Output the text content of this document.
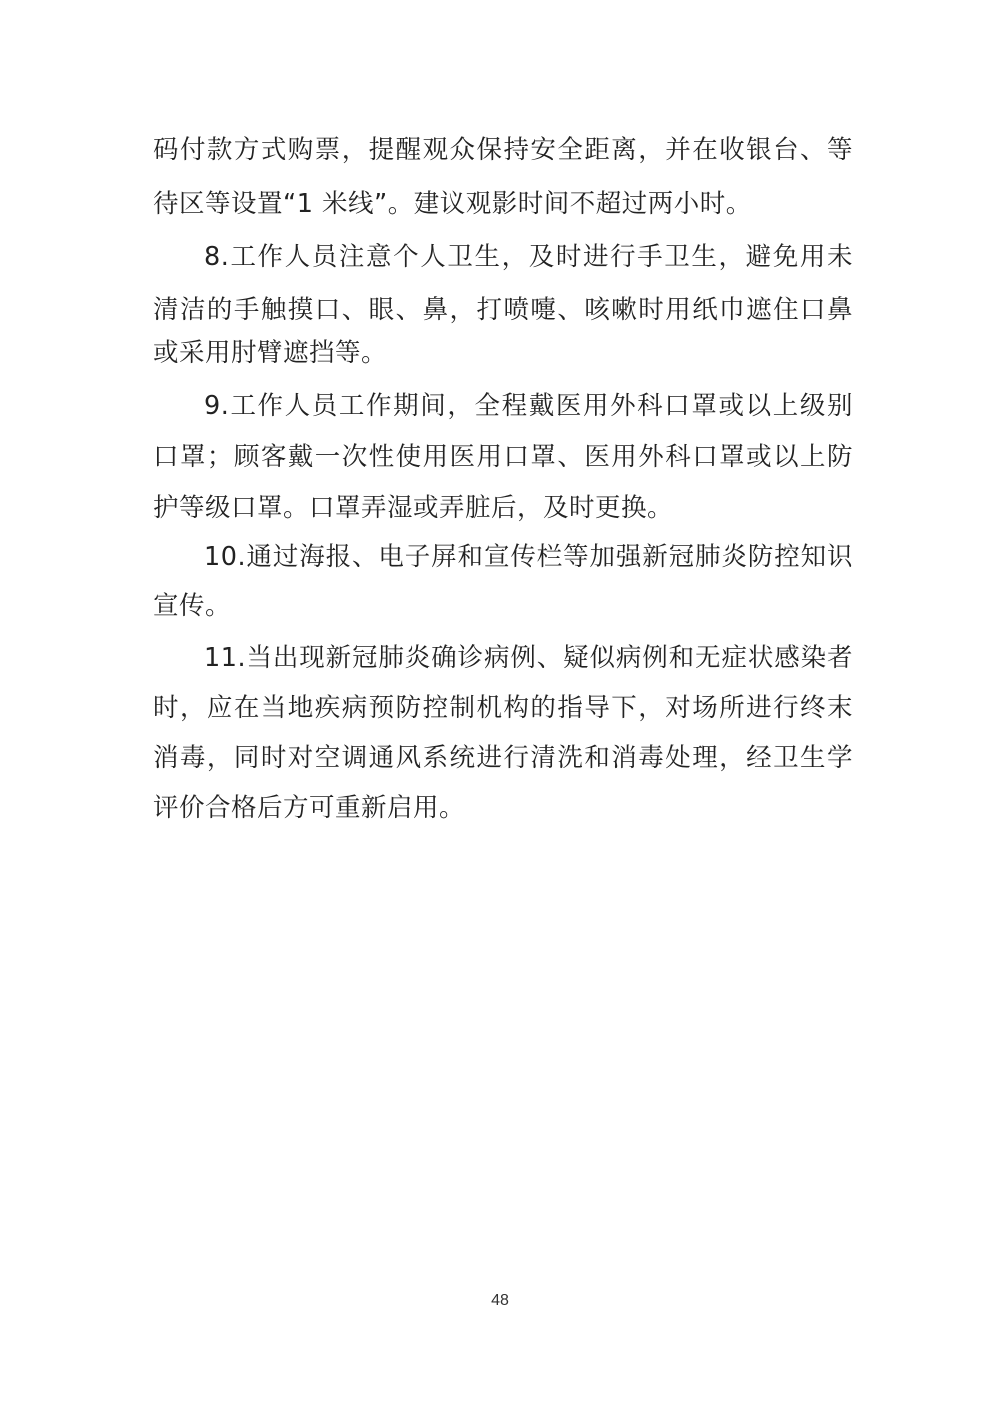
码付款方式购票，提醒观众保持安全距离，并在收银台、等
待区等设置“1 米线”。建议观影时间不超过两小时。
8.工作人员注意个人卫生，及时进行手卫生，避免用未
清洁的手触摸口、眼、鼻，打喷嚏、咳嗽时用纸巾遮住口鼻
或采用肘臂遮挡等。
9.工作人员工作期间，全程戴医用外科口罩或以上级别
口罩；顾客戴一次性使用医用口罩、医用外科口罩或以上防
护等级口罩。口罩弄湿或弄脏后，及时更换。
10.通过海报、电子屏和宣传栏等加强新冠肺炎防控知识
宣传。
11.当出现新冠肺炎确诊病例、疑似病例和无症状感染者
时，应在当地疾病预防控制机构的指导下，对场所进行终末
消毒，同时对空调通风系统进行清洗和消毒处理，经卫生学
评价合格后方可重新启用。
48
